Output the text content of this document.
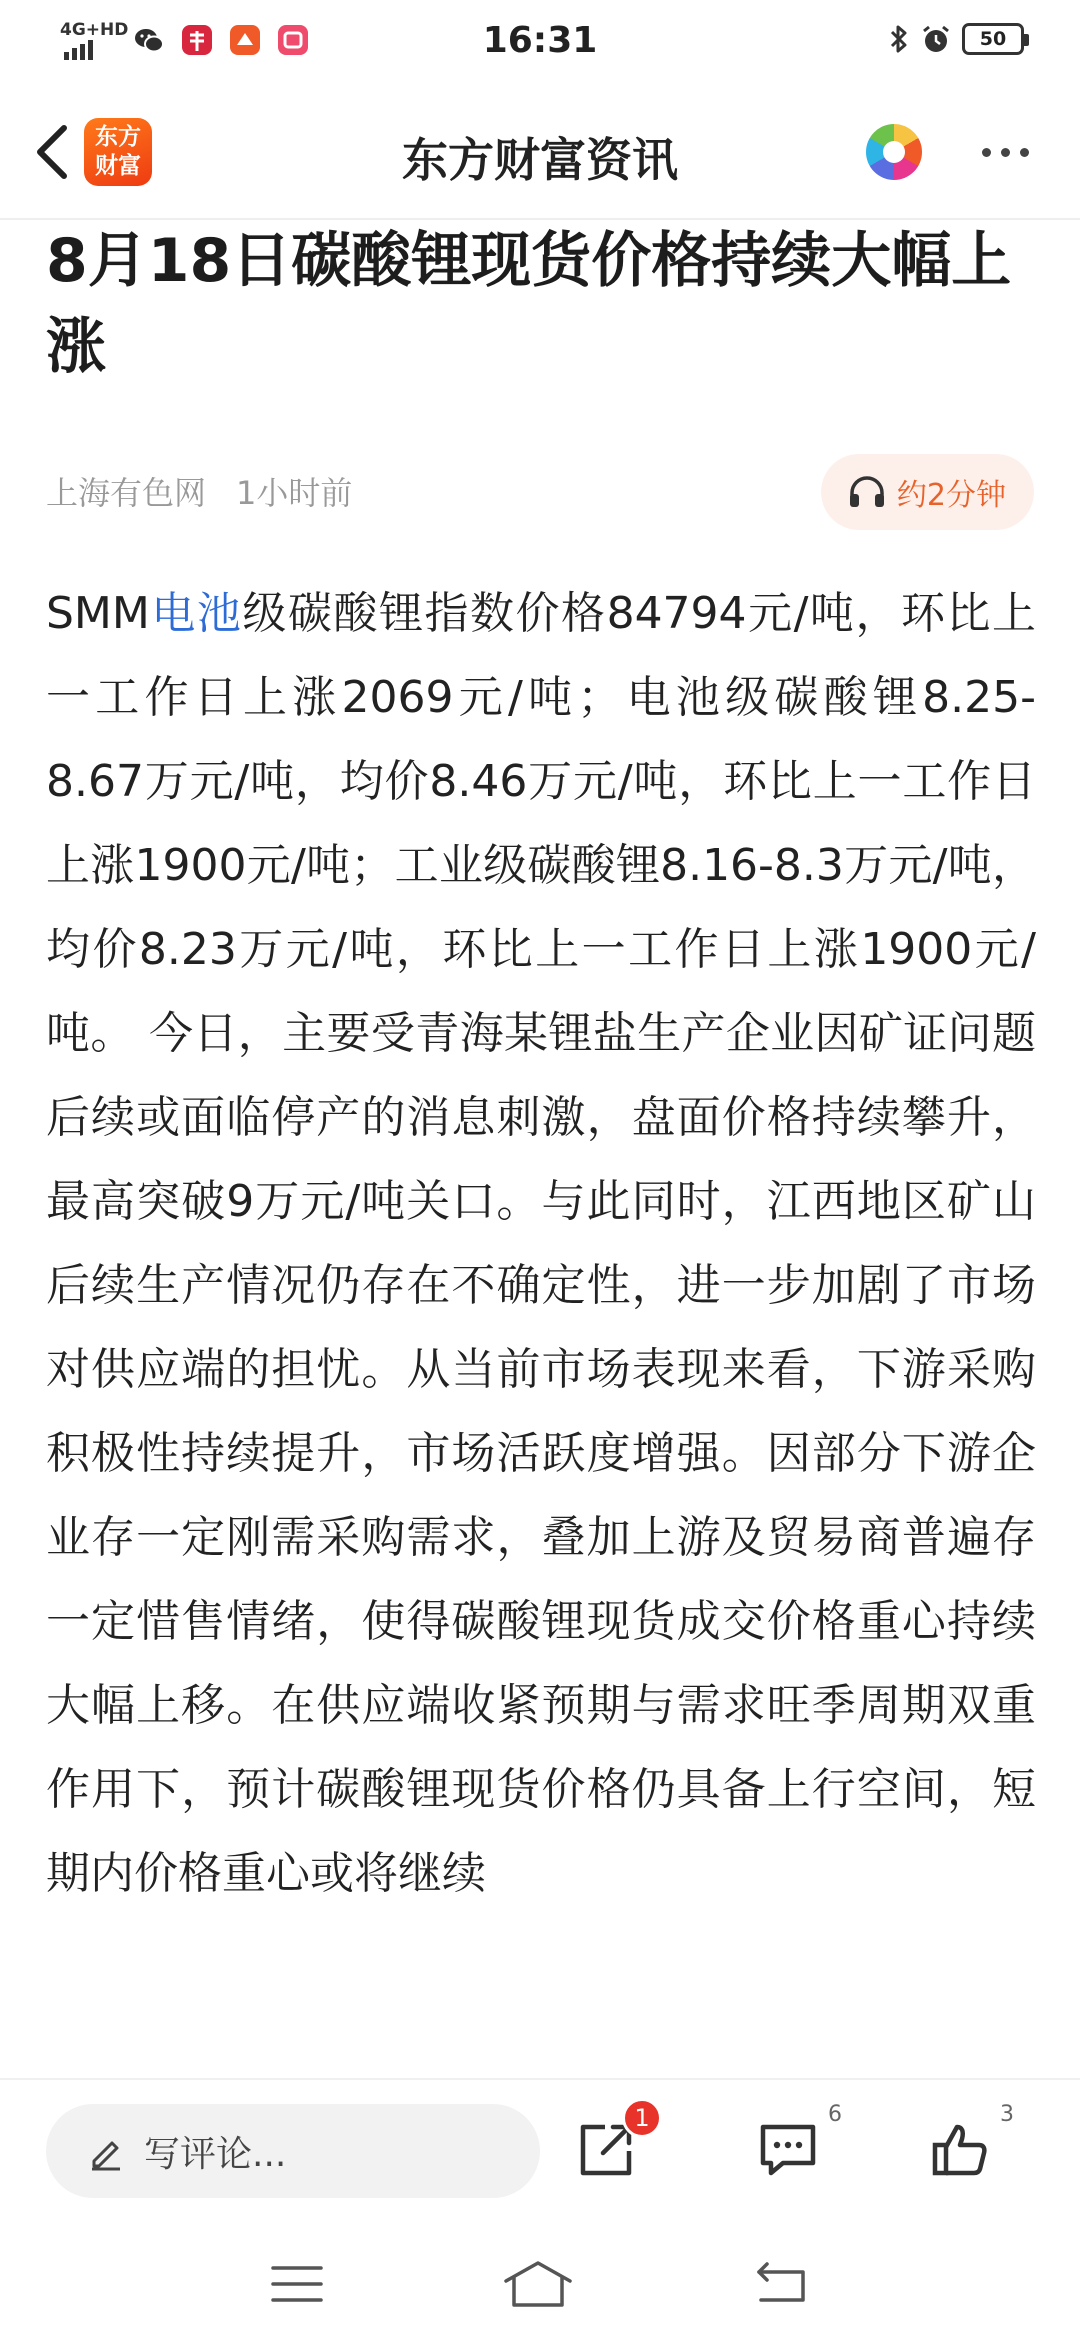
4G+HD	16:31	50
东方财富	东方财富资讯
8月18日碳酸锂现货价格持续大幅上涨
上海有色网 1小时前	约2分钟
SMM电池级碳酸锂指数价格84794元/吨，环比上一工作日上涨2069元/吨；电池级碳酸锂8.25-8.67万元/吨，均价8.46万元/吨，环比上一工作日上涨1900元/吨；工业级碳酸锂8.16-8.3万元/吨，均价8.23万元/吨，环比上一工作日上涨1900元/吨。 今日，主要受青海某锂盐生产企业因矿证问题后续或面临停产的消息刺激，盘面价格持续攀升，最高突破9万元/吨关口。与此同时，江西地区矿山后续生产情况仍存在不确定性，进一步加剧了市场对供应端的担忧。从当前市场表现来看，下游采购积极性持续提升，市场活跃度增强。因部分下游企业存一定刚需采购需求，叠加上游及贸易商普遍存一定惜售情绪，使得碳酸锂现货成交价格重心持续大幅上移。在供应端收紧预期与需求旺季周期双重作用下，预计碳酸锂现货价格仍具备上行空间，短期内价格重心或将继续
写评论...
1	6	3
